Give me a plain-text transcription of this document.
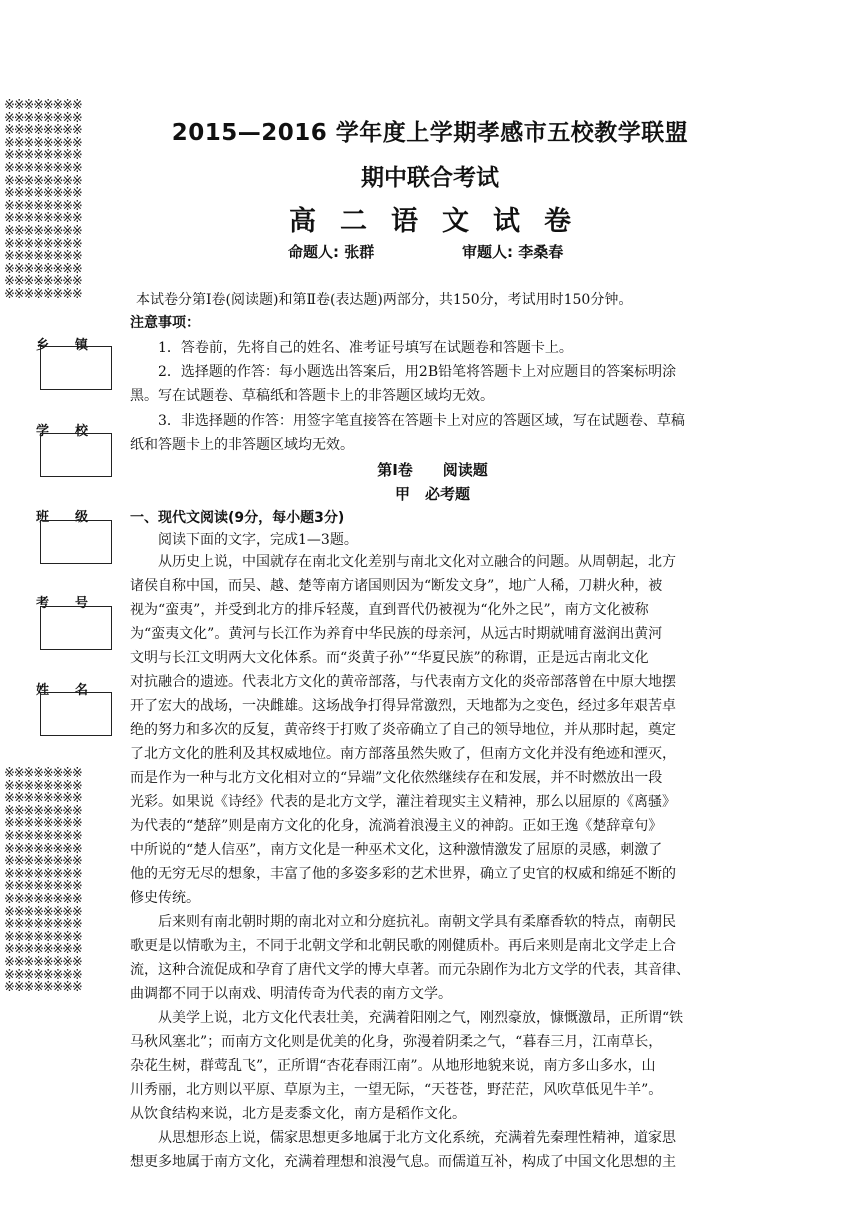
※※※※※※※※
※※※※※※※※
※※※※※※※※
※※※※※※※※
※※※※※※※※
※※※※※※※※
※※※※※※※※
※※※※※※※※
※※※※※※※※
※※※※※※※※
※※※※※※※※
※※※※※※※※
※※※※※※※※
※※※※※※※※
※※※※※※※※
※※※※※※※※
乡镇
学校
班级
考号
姓名
※※※※※※※※
※※※※※※※※
※※※※※※※※
※※※※※※※※
※※※※※※※※
※※※※※※※※
※※※※※※※※
※※※※※※※※
※※※※※※※※
※※※※※※※※
※※※※※※※※
※※※※※※※※
※※※※※※※※
※※※※※※※※
※※※※※※※※
※※※※※※※※
※※※※※※※※
※※※※※※※※
2015—2016 学年度上学期孝感市五校教学联盟
期中联合考试
高二语文试卷
命题人: 张群	审题人: 李桑春
本试卷分第Ⅰ卷(阅读题)和第Ⅱ卷(表达题)两部分，共150分，考试用时150分钟。
注意事项：
1．答卷前，先将自己的姓名、准考证号填写在试题卷和答题卡上。
2．选择题的作答：每小题选出答案后，用2B铅笔将答题卡上对应题目的答案标明涂
黑。写在试题卷、草稿纸和答题卡上的非答题区域均无效。
3．非选择题的作答：用签字笔直接答在答题卡上对应的答题区域，写在试题卷、草稿
纸和答题卡上的非答题区域均无效。
第Ⅰ卷　　阅读题
甲　必考题
一、现代文阅读(9分，每小题3分)
阅读下面的文字，完成1—3题。
　　从历史上说，中国就存在南北文化差别与南北文化对立融合的问题。从周朝起，北方
诸侯自称中国，而吴、越、楚等南方诸国则因为“断发文身”，地广人稀，刀耕火种，被
视为“蛮夷”，并受到北方的排斥轻蔑，直到晋代仍被视为“化外之民”，南方文化被称
为“蛮夷文化”。黄河与长江作为养育中华民族的母亲河，从远古时期就哺育滋润出黄河
文明与长江文明两大文化体系。而“炎黄子孙”“华夏民族”的称谓，正是远古南北文化
对抗融合的遗迹。代表北方文化的黄帝部落，与代表南方文化的炎帝部落曾在中原大地摆
开了宏大的战场，一决雌雄。这场战争打得异常激烈，天地都为之变色，经过多年艰苦卓
绝的努力和多次的反复，黄帝终于打败了炎帝确立了自己的领导地位，并从那时起，奠定
了北方文化的胜利及其权威地位。南方部落虽然失败了，但南方文化并没有绝迹和湮灭，
而是作为一种与北方文化相对立的“异端”文化依然继续存在和发展，并不时燃放出一段
光彩。如果说《诗经》代表的是北方文学，灌注着现实主义精神，那么以屈原的《离骚》
为代表的“楚辞”则是南方文化的化身，流淌着浪漫主义的神韵。正如王逸《楚辞章句》
中所说的“楚人信巫”，南方文化是一种巫术文化，这种激情激发了屈原的灵感，刺激了
他的无穷无尽的想象，丰富了他的多姿多彩的艺术世界，确立了史官的权威和绵延不断的
修史传统。
　　后来则有南北朝时期的南北对立和分庭抗礼。南朝文学具有柔靡香软的特点，南朝民
歌更是以情歌为主，不同于北朝文学和北朝民歌的刚健质朴。再后来则是南北文学走上合
流，这种合流促成和孕育了唐代文学的博大卓著。而元杂剧作为北方文学的代表，其音律、
曲调都不同于以南戏、明清传奇为代表的南方文学。
　　从美学上说，北方文化代表壮美，充满着阳刚之气，刚烈豪放，慷慨激昂，正所谓“铁
马秋风塞北”；而南方文化则是优美的化身，弥漫着阴柔之气，“暮春三月，江南草长，
杂花生树，群莺乱飞”，正所谓“杏花春雨江南”。从地形地貌来说，南方多山多水，山
川秀丽，北方则以平原、草原为主，一望无际，“天苍苍，野茫茫，风吹草低见牛羊”。
从饮食结构来说，北方是麦黍文化，南方是稻作文化。
　　从思想形态上说，儒家思想更多地属于北方文化系统，充满着先秦理性精神，道家思
想更多地属于南方文化，充满着理想和浪漫气息。而儒道互补，构成了中国文化思想的主
